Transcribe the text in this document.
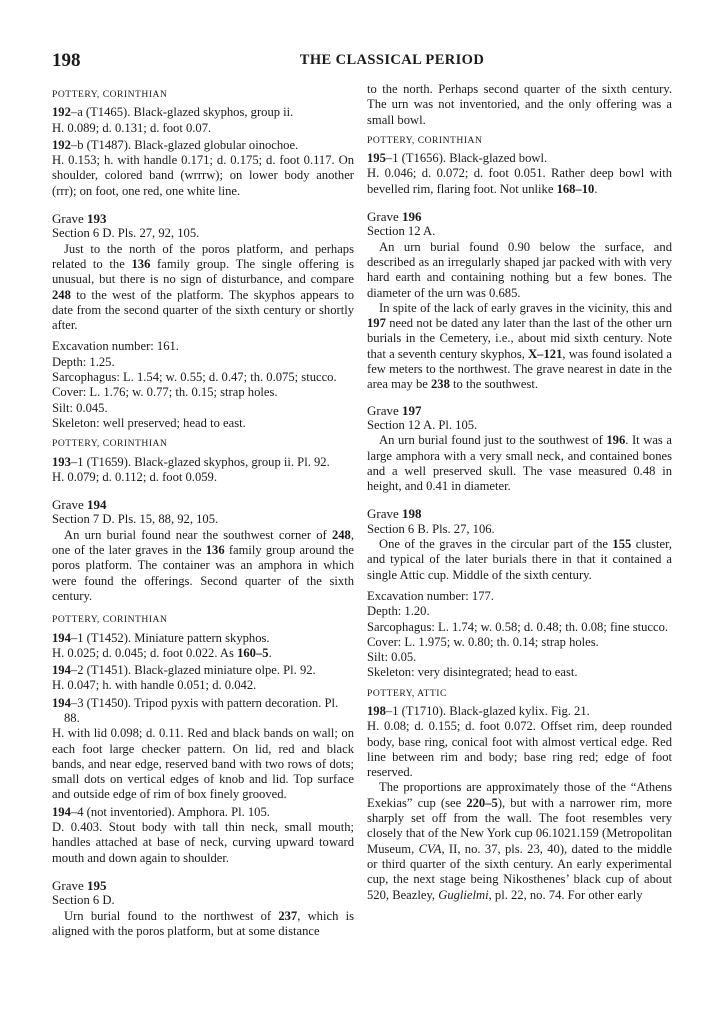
198	THE CLASSICAL PERIOD

POTTERY, CORINTHIAN

192–a (T1465). Black-glazed skyphos, group ii.

H. 0.089; d. 0.131; d. foot 0.07.

192–b (T1487). Black-glazed globular oinochoe.

H. 0.153; h. with handle 0.171; d. 0.175; d. foot 0.117. On shoulder, colored band (wrrrw); on lower body another (rrr); on foot, one red, one white line.

Grave 193

Section 6 D. Pls. 27, 92, 105.

Just to the north of the poros platform, and perhaps related to the 136 family group. The single offering is unusual, but there is no sign of disturbance, and compare 248 to the west of the platform. The skyphos appears to date from the second quarter of the sixth century or shortly after.

Excavation number: 161.

Depth: 1.25.

Sarcophagus: L. 1.54; w. 0.55; d. 0.47; th. 0.075; stucco.

Cover: L. 1.76; w. 0.77; th. 0.15; strap holes.

Silt: 0.045.

Skeleton: well preserved; head to east.

POTTERY, CORINTHIAN

193–1 (T1659). Black-glazed skyphos, group ii. Pl. 92.

H. 0.079; d. 0.112; d. foot 0.059.

Grave 194

Section 7 D. Pls. 15, 88, 92, 105.

An urn burial found near the southwest corner of 248, one of the later graves in the 136 family group around the poros platform. The container was an amphora in which were found the offerings. Second quarter of the sixth century.

POTTERY, CORINTHIAN

194–1 (T1452). Miniature pattern skyphos.

H. 0.025; d. 0.045; d. foot 0.022. As 160–5.

194–2 (T1451). Black-glazed miniature olpe. Pl. 92.

H. 0.047; h. with handle 0.051; d. 0.042.

194–3 (T1450). Tripod pyxis with pattern decoration. Pl. 88.

H. with lid 0.098; d. 0.11. Red and black bands on wall; on each foot large checker pattern. On lid, red and black bands, and near edge, reserved band with two rows of dots; small dots on vertical edges of knob and lid. Top surface and outside edge of rim of box finely grooved.

194–4 (not inventoried). Amphora. Pl. 105.

D. 0.403. Stout body with tall thin neck, small mouth; handles attached at base of neck, curving upward toward mouth and down again to shoulder.

Grave 195

Section 6 D.

Urn burial found to the northwest of 237, which is aligned with the poros platform, but at some distance

to the north. Perhaps second quarter of the sixth century. The urn was not inventoried, and the only offering was a small bowl.

POTTERY, CORINTHIAN

195–1 (T1656). Black-glazed bowl.

H. 0.046; d. 0.072; d. foot 0.051. Rather deep bowl with bevelled rim, flaring foot. Not unlike 168–10.

Grave 196

Section 12 A.

An urn burial found 0.90 below the surface, and described as an irregularly shaped jar packed with with very hard earth and containing nothing but a few bones. The diameter of the urn was 0.685.

In spite of the lack of early graves in the vicinity, this and 197 need not be dated any later than the last of the other urn burials in the Cemetery, i.e., about mid sixth century. Note that a seventh century skyphos, X–121, was found isolated a few meters to the northwest. The grave nearest in date in the area may be 238 to the southwest.

Grave 197

Section 12 A. Pl. 105.

An urn burial found just to the southwest of 196. It was a large amphora with a very small neck, and contained bones and a well preserved skull. The vase measured 0.48 in height, and 0.41 in diameter.

Grave 198

Section 6 B. Pls. 27, 106.

One of the graves in the circular part of the 155 cluster, and typical of the later burials there in that it contained a single Attic cup. Middle of the sixth century.

Excavation number: 177.

Depth: 1.20.

Sarcophagus: L. 1.74; w. 0.58; d. 0.48; th. 0.08; fine stucco.

Cover: L. 1.975; w. 0.80; th. 0.14; strap holes.

Silt: 0.05.

Skeleton: very disintegrated; head to east.

POTTERY, ATTIC

198–1 (T1710). Black-glazed kylix. Fig. 21.

H. 0.08; d. 0.155; d. foot 0.072. Offset rim, deep rounded body, base ring, conical foot with almost vertical edge. Red line between rim and body; base ring red; edge of foot reserved.

The proportions are approximately those of the “Athens Exekias” cup (see 220–5), but with a narrower rim, more sharply set off from the wall. The foot resembles very closely that of the New York cup 06.1021.159 (Metropolitan Museum, CVA, II, no. 37, pls. 23, 40), dated to the middle or third quarter of the sixth century. An early experimental cup, the next stage being Nikosthenes’ black cup of about 520, Beazley, Guglielmi, pl. 22, no. 74. For other early
